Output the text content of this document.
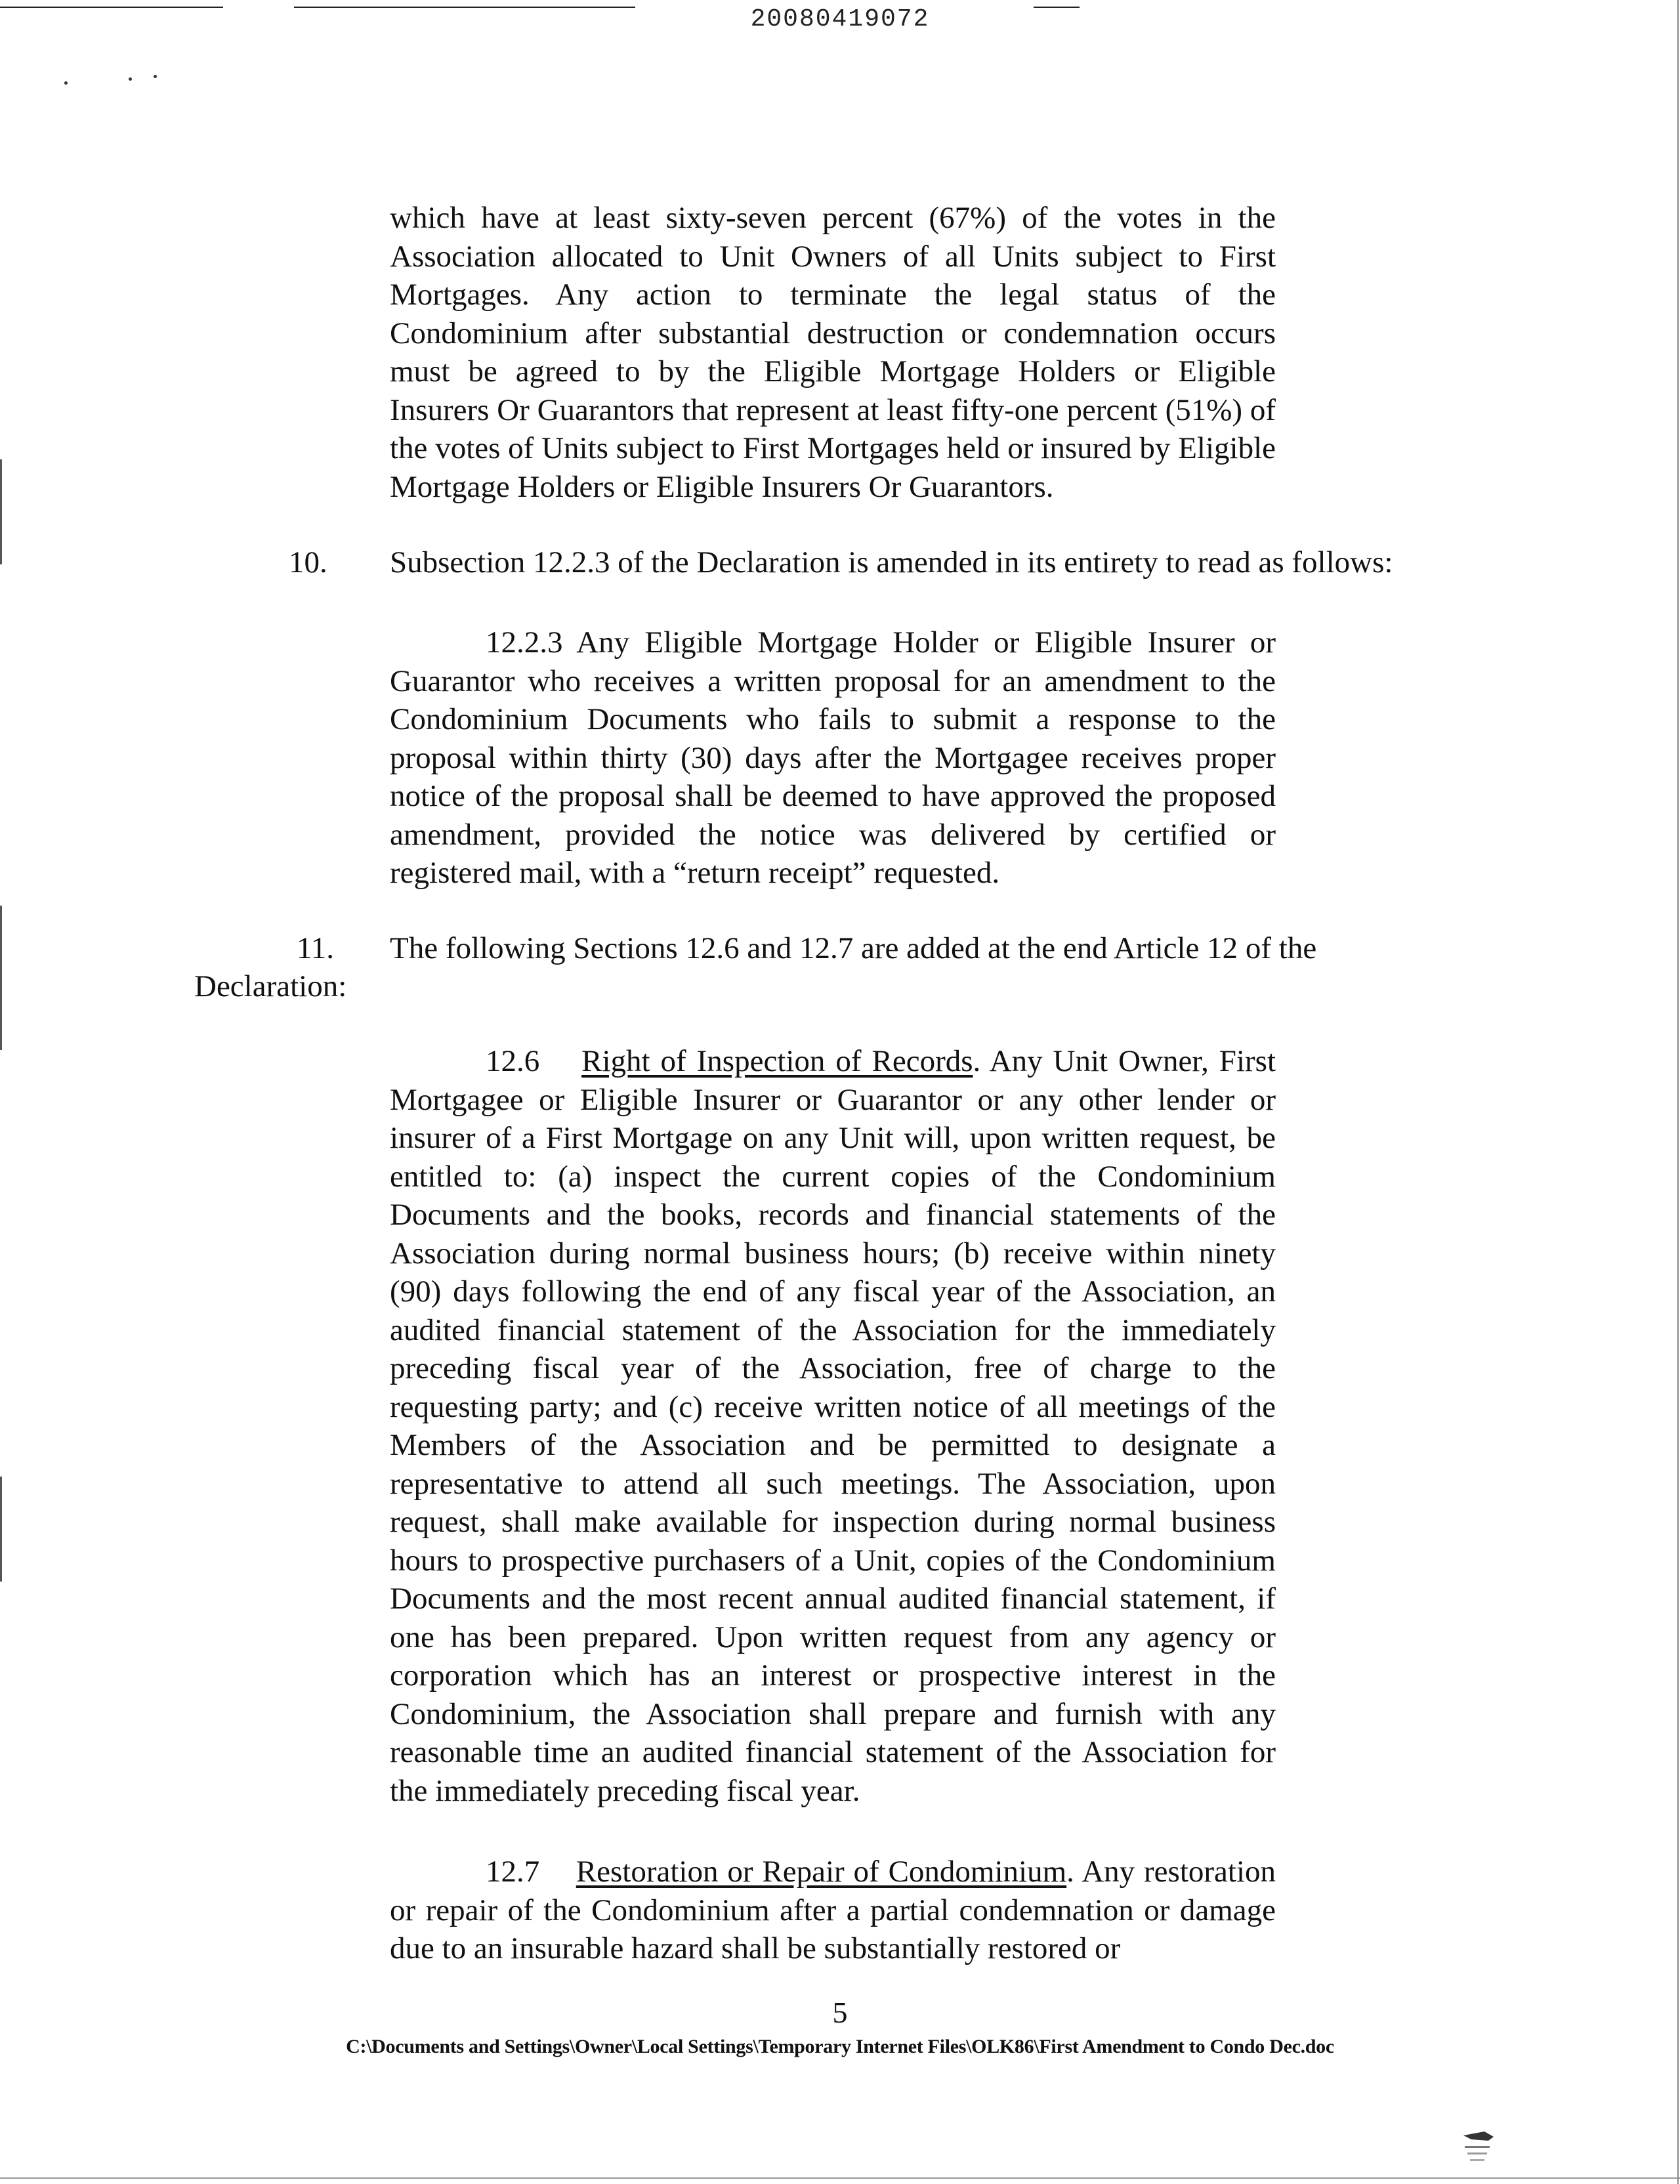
20080419072

which have at least sixty-seven percent (67%) of the votes in the Association allocated to Unit Owners of all Units subject to First Mortgages. Any action to terminate the legal status of the Condominium after substantial destruction or condemnation occurs must be agreed to by the Eligible Mortgage Holders or Eligible Insurers Or Guarantors that represent at least fifty-one percent (51%) of the votes of Units subject to First Mortgages held or insured by Eligible Mortgage Holders or Eligible Insurers Or Guarantors.

10. Subsection 12.2.3 of the Declaration is amended in its entirety to read as follows:

12.2.3 Any Eligible Mortgage Holder or Eligible Insurer or Guarantor who receives a written proposal for an amendment to the Condominium Documents who fails to submit a response to the proposal within thirty (30) days after the Mortgagee receives proper notice of the proposal shall be deemed to have approved the proposed amendment, provided the notice was delivered by certified or registered mail, with a “return receipt” requested.

11. The following Sections 12.6 and 12.7 are added at the end Article 12 of the
Declaration:

12.6 Right of Inspection of Records. Any Unit Owner, First Mortgagee or Eligible Insurer or Guarantor or any other lender or insurer of a First Mortgage on any Unit will, upon written request, be entitled to: (a) inspect the current copies of the Condominium Documents and the books, records and financial statements of the Association during normal business hours; (b) receive within ninety (90) days following the end of any fiscal year of the Association, an audited financial statement of the Association for the immediately preceding fiscal year of the Association, free of charge to the requesting party; and (c) receive written notice of all meetings of the Members of the Association and be permitted to designate a representative to attend all such meetings. The Association, upon request, shall make available for inspection during normal business hours to prospective purchasers of a Unit, copies of the Condominium Documents and the most recent annual audited financial statement, if one has been prepared. Upon written request from any agency or corporation which has an interest or prospective interest in the Condominium, the Association shall prepare and furnish with any reasonable time an audited financial statement of the Association for the immediately preceding fiscal year.

12.7 Restoration or Repair of Condominium. Any restoration or repair of the Condominium after a partial condemnation or damage due to an insurable hazard shall be substantially restored or

5
C:\Documents and Settings\Owner\Local Settings\Temporary Internet Files\OLK86\First Amendment to Condo Dec.doc
